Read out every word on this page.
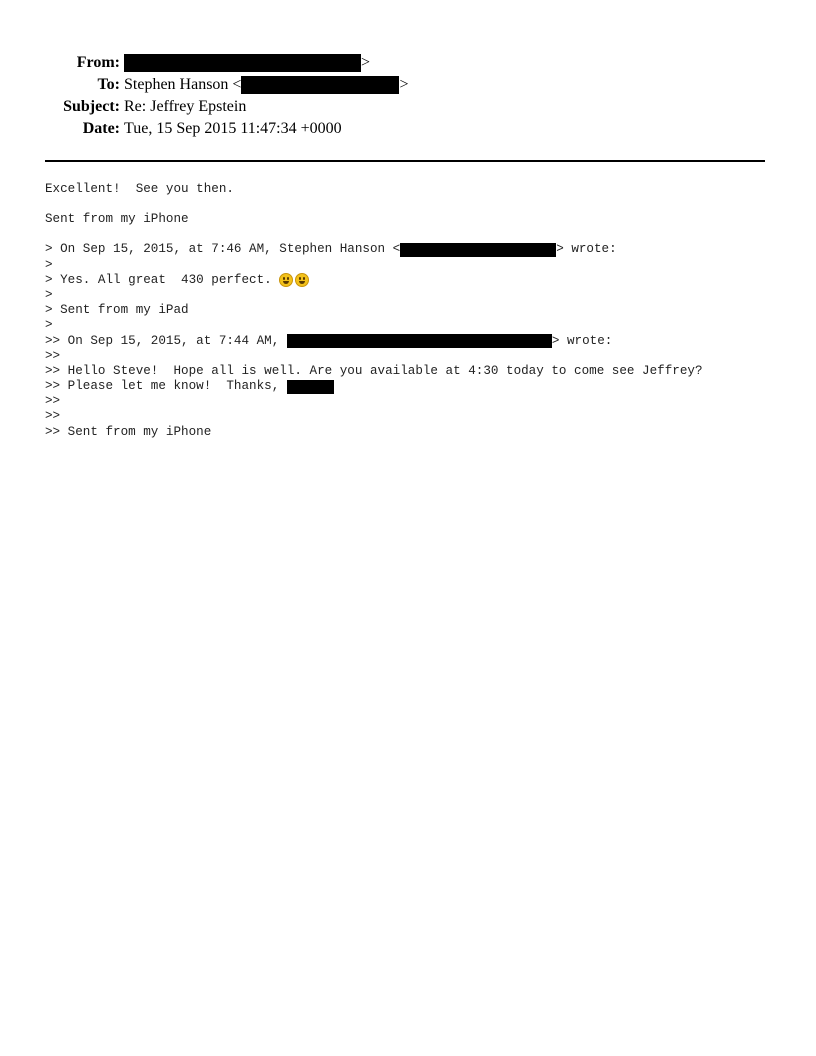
From:	>
To: Stephen Hanson <	>
Subject: Re: Jeffrey Epstein
Date: Tue, 15 Sep 2015 11:47:34 +0000
Excellent!  See you then.
Sent from my iPhone
> On Sep 15, 2015, at 7:46 AM, Stephen Hanson <	> wrote:
>
> Yes. All great  430 perfect.
>
> Sent from my iPad
>
>> On Sep 15, 2015, at 7:44 AM,	> wrote:
>>
>> Hello Steve!  Hope all is well. Are you available at 4:30 today to come see Jeffrey?
>> Please let me know!  Thanks,
>>
>>
>> Sent from my iPhone
